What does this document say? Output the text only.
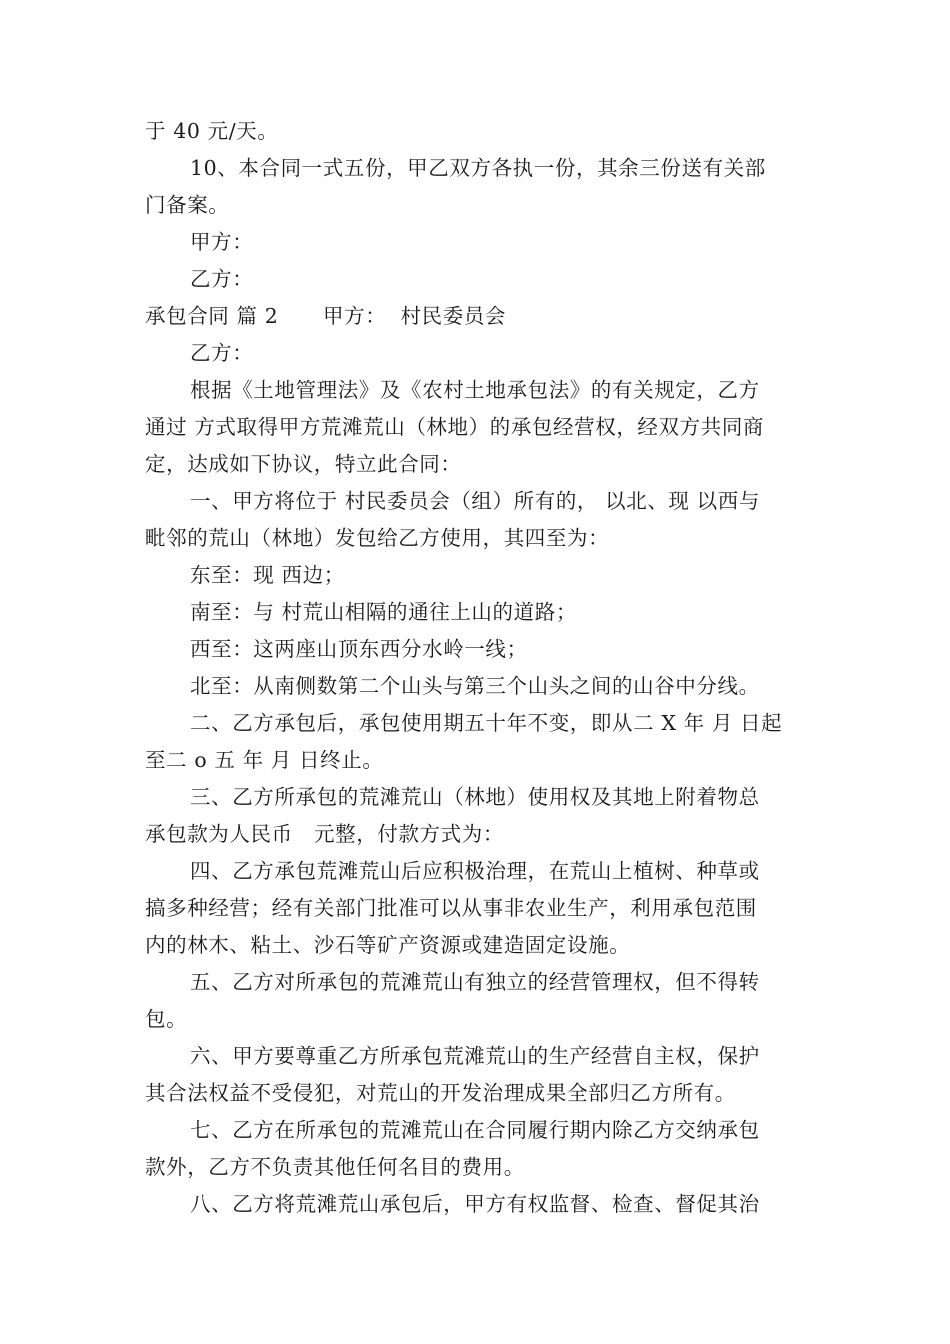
于 40 元/天。
10、本合同一式五份，甲乙双方各执一份，其余三份送有关部
门备案。
甲方：
乙方：
承包合同 篇 2	甲方：  村民委员会
乙方：
根据《土地管理法》及《农村土地承包法》的有关规定，乙方
通过 方式取得甲方荒滩荒山（林地）的承包经营权，经双方共同商
定，达成如下协议，特立此合同：
一、甲方将位于 村民委员会（组）所有的， 以北、现 以西与
毗邻的荒山（林地）发包给乙方使用，其四至为：
东至：现 西边；
南至：与 村荒山相隔的通往上山的道路；
西至：这两座山顶东西分水岭一线；
北至：从南侧数第二个山头与第三个山头之间的山谷中分线。
二、乙方承包后，承包使用期五十年不变，即从二 X 年 月 日起
至二 o 五 年 月 日终止。
三、乙方所承包的荒滩荒山（林地）使用权及其地上附着物总
承包款为人民币   元整，付款方式为：
四、乙方承包荒滩荒山后应积极治理，在荒山上植树、种草或
搞多种经营；经有关部门批准可以从事非农业生产，利用承包范围
内的林木、粘土、沙石等矿产资源或建造固定设施。
五、乙方对所承包的荒滩荒山有独立的经营管理权，但不得转
包。
六、甲方要尊重乙方所承包荒滩荒山的生产经营自主权，保护
其合法权益不受侵犯，对荒山的开发治理成果全部归乙方所有。
七、乙方在所承包的荒滩荒山在合同履行期内除乙方交纳承包
款外，乙方不负责其他任何名目的费用。
八、乙方将荒滩荒山承包后，甲方有权监督、检查、督促其治
